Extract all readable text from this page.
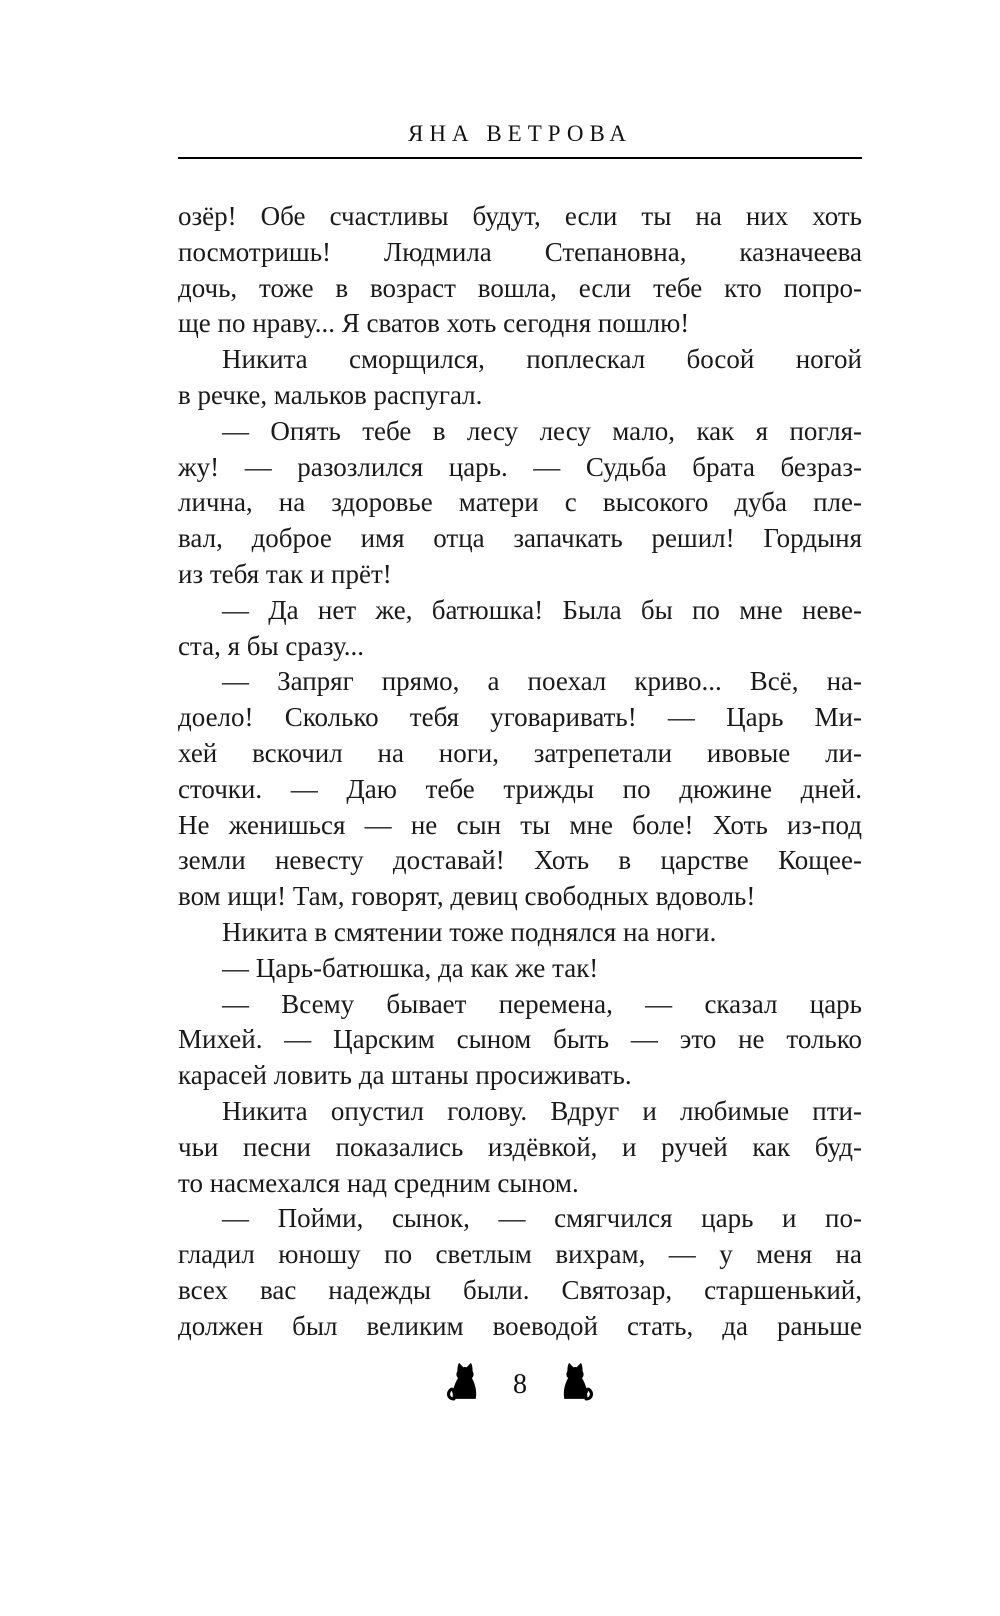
ЯНА ВЕТРОВА

озёр! Обе счастливы будут, если ты на них хоть
посмотришь! Людмила Степановна, казначеева
дочь, тоже в возраст вошла, если тебе кто попро-
ще по нраву... Я сватов хоть сегодня пошлю!

Никита сморщился, поплескал босой ногой
в речке, мальков распугал.

— Опять тебе в лесу лесу мало, как я погля-
жу! — разозлился царь. — Судьба брата безраз-
лична, на здоровье матери с высокого дуба пле-
вал, доброе имя отца запачкать решил! Гордыня
из тебя так и прёт!

— Да нет же, батюшка! Была бы по мне неве-
ста, я бы сразу...

— Запряг прямо, а поехал криво... Всё, на-
доело! Сколько тебя уговаривать! — Царь Ми-
хей вскочил на ноги, затрепетали ивовые ли-
сточки. — Даю тебе трижды по дюжине дней.
Не женишься — не сын ты мне боле! Хоть из-под
земли невесту доставай! Хоть в царстве Кощее-
вом ищи! Там, говорят, девиц свободных вдоволь!

Никита в смятении тоже поднялся на ноги.

— Царь-батюшка, да как же так!

— Всему бывает перемена, — сказал царь
Михей. — Царским сыном быть — это не только
карасей ловить да штаны просиживать.

Никита опустил голову. Вдруг и любимые пти-
чьи песни показались издёвкой, и ручей как буд-
то насмехался над средним сыном.

— Пойми, сынок, — смягчился царь и по-
гладил юношу по светлым вихрам, — у меня на
всех вас надежды были. Святозар, старшенький,
должен был великим воеводой стать, да раньше

8
